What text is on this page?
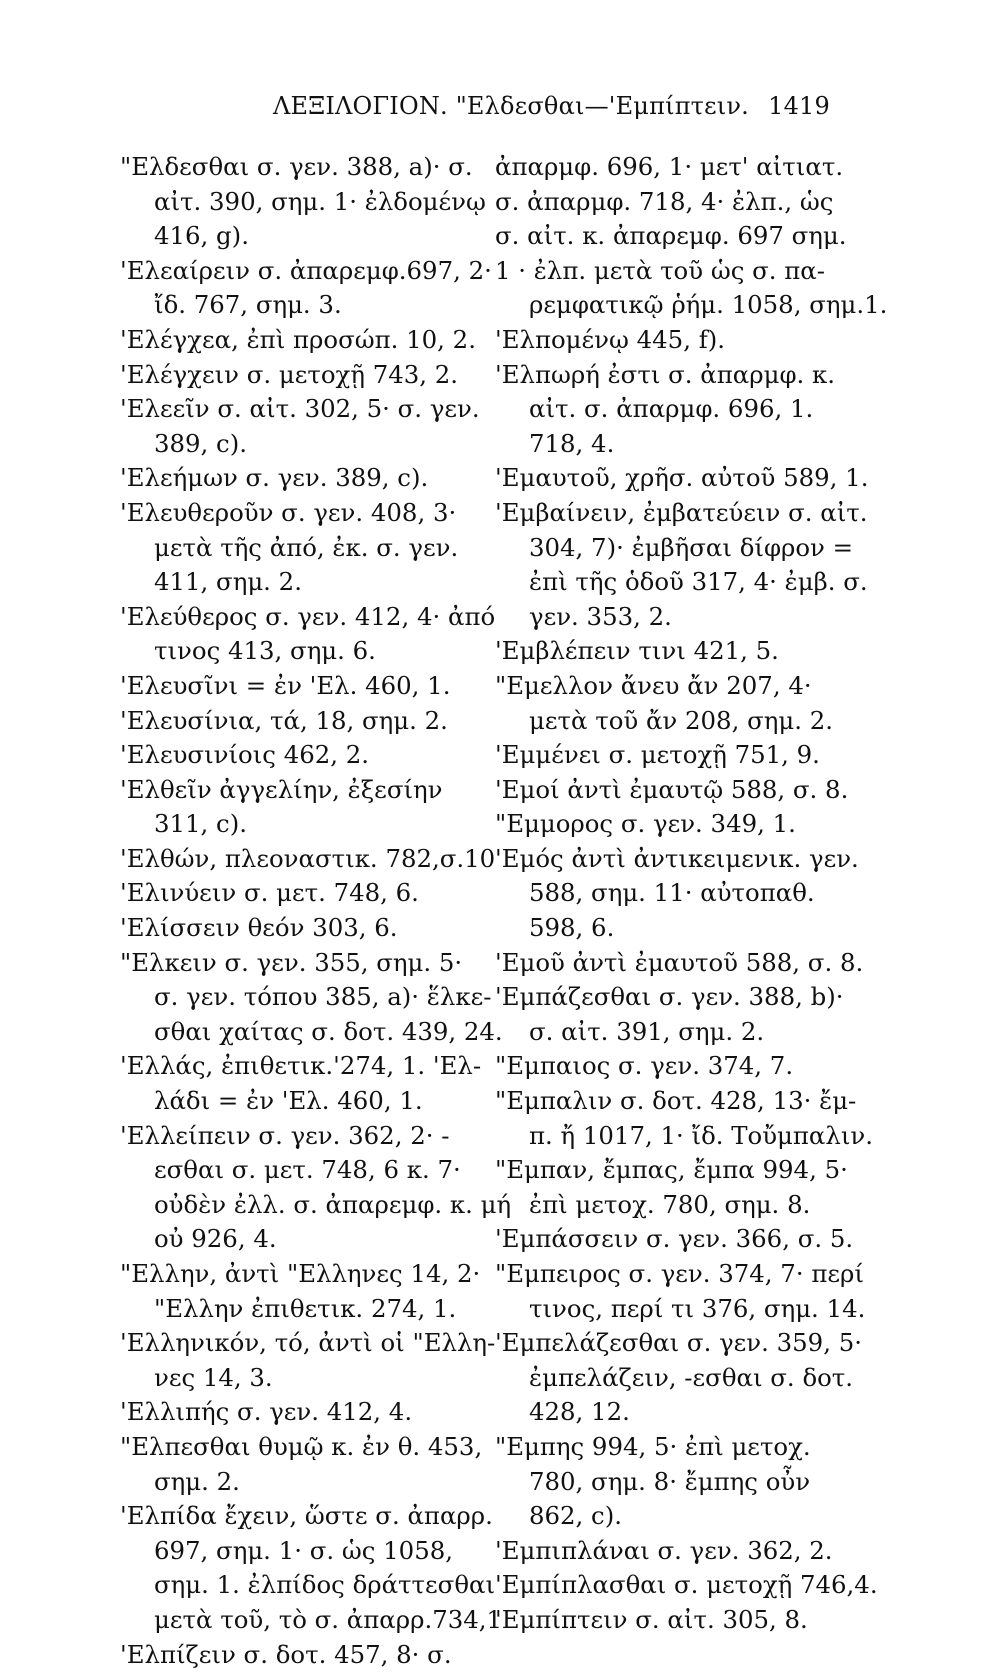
ΛΕΞΙΛΟΓΙΟΝ. "Ελδεσθαι—'Εμπίπτειν. 1419
"Ελδεσθαι σ. γεν. 388, a)· σ.
αἰτ. 390, σημ. 1· ἐλδομένῳ
416, g).
'Ελεαίρειν σ. ἀπαρεμφ.697, 2·
ἴδ. 767, σημ. 3.
'Ελέγχεα, ἐπὶ προσώπ. 10, 2.
'Ελέγχειν σ. μετοχῇ 743, 2.
'Ελεεῖν σ. αἰτ. 302, 5· σ. γεν.
389, c).
'Ελεήμων σ. γεν. 389, c).
'Ελευθεροῦν σ. γεν. 408, 3·
μετὰ τῆς ἀπό, ἐκ. σ. γεν.
411, σημ. 2.
'Ελεύθερος σ. γεν. 412, 4· ἀπό
τινος 413, σημ. 6.
'Ελευσῖνι = ἐν 'Ελ. 460, 1.
'Ελευσίνια, τά, 18, σημ. 2.
'Ελευσινίοις 462, 2.
'Ελθεῖν ἀγγελίην, ἐξεσίην
311, c).
'Ελθών, πλεοναστικ. 782,σ.10
'Ελινύειν σ. μετ. 748, 6.
'Ελίσσειν θεόν 303, 6.
"Ελκειν σ. γεν. 355, σημ. 5·
σ. γεν. τόπου 385, a)· ἕλκε-
σθαι χαίτας σ. δοτ. 439, 24.
'Ελλάς, ἐπιθετικ.'274, 1. 'Ελ-
λάδι = ἐν 'Ελ. 460, 1.
'Ελλείπειν σ. γεν. 362, 2· -
εσθαι σ. μετ. 748, 6 κ. 7·
οὐδὲν ἐλλ. σ. ἀπαρεμφ. κ. μή
οὐ 926, 4.
"Ελλην, ἀντὶ "Ελληνες 14, 2·
"Ελλην ἐπιθετικ. 274, 1.
'Ελληνικόν, τό, ἀντὶ οἱ "Ελλη-
νες 14, 3.
'Ελλιπής σ. γεν. 412, 4.
"Ελπεσθαι θυμῷ κ. ἐν θ. 453,
σημ. 2.
'Ελπίδα ἔχειν, ὥστε σ. ἀπαρρ.
697, σημ. 1· σ. ὡς 1058,
σημ. 1. ἐλπίδος δράττεσθαι
μετὰ τοῦ, τὸ σ. ἀπαρρ.734,1
'Ελπίζειν σ. δοτ. 457, 8· σ.
ἀπαρμφ. 696, 1· μετ' αἰτιατ.
σ. ἀπαρμφ. 718, 4· ἐλπ., ὡς
σ. αἰτ. κ. ἀπαρεμφ. 697 σημ.
1 · ἐλπ. μετὰ τοῦ ὡς σ. πα-
ρεμφατικῷ ῥήμ. 1058, σημ.1.
'Ελπομένῳ 445, f).
'Ελπωρή ἐστι σ. ἀπαρμφ. κ.
αἰτ. σ. ἀπαρμφ. 696, 1.
718, 4.
'Εμαυτοῦ, χρῆσ. αὐτοῦ 589, 1.
'Εμβαίνειν, ἐμβατεύειν σ. αἰτ.
304, 7)· ἐμβῆσαι δίφρον =
ἐπὶ τῆς ὁδοῦ 317, 4· ἐμβ. σ.
γεν. 353, 2.
'Εμβλέπειν τινι 421, 5.
"Εμελλον ἄνευ ἄν 207, 4·
μετὰ τοῦ ἄν 208, σημ. 2.
'Εμμένει σ. μετοχῇ 751, 9.
'Εμοί ἀντὶ ἐμαυτῷ 588, σ. 8.
"Εμμορος σ. γεν. 349, 1.
'Εμός ἀντὶ ἀντικειμενικ. γεν.
588, σημ. 11· αὐτοπαθ.
598, 6.
'Εμοῦ ἀντὶ ἐμαυτοῦ 588, σ. 8.
'Εμπάζεσθαι σ. γεν. 388, b)·
σ. αἰτ. 391, σημ. 2.
"Εμπαιος σ. γεν. 374, 7.
"Εμπαλιν σ. δοτ. 428, 13· ἔμ-
π. ἤ 1017, 1· ἴδ. Τοὔμπαλιν.
"Εμπαν, ἔμπας, ἔμπα 994, 5·
ἐπὶ μετοχ. 780, σημ. 8.
'Εμπάσσειν σ. γεν. 366, σ. 5.
"Εμπειρος σ. γεν. 374, 7· περί
τινος, περί τι 376, σημ. 14.
'Εμπελάζεσθαι σ. γεν. 359, 5·
ἐμπελάζειν, -εσθαι σ. δοτ.
428, 12.
"Εμπης 994, 5· ἐπὶ μετοχ.
780, σημ. 8· ἔμπης οὖν
862, c).
'Εμπιπλάναι σ. γεν. 362, 2.
'Εμπίπλασθαι σ. μετοχῇ 746,4.
'Εμπίπτειν σ. αἰτ. 305, 8.
